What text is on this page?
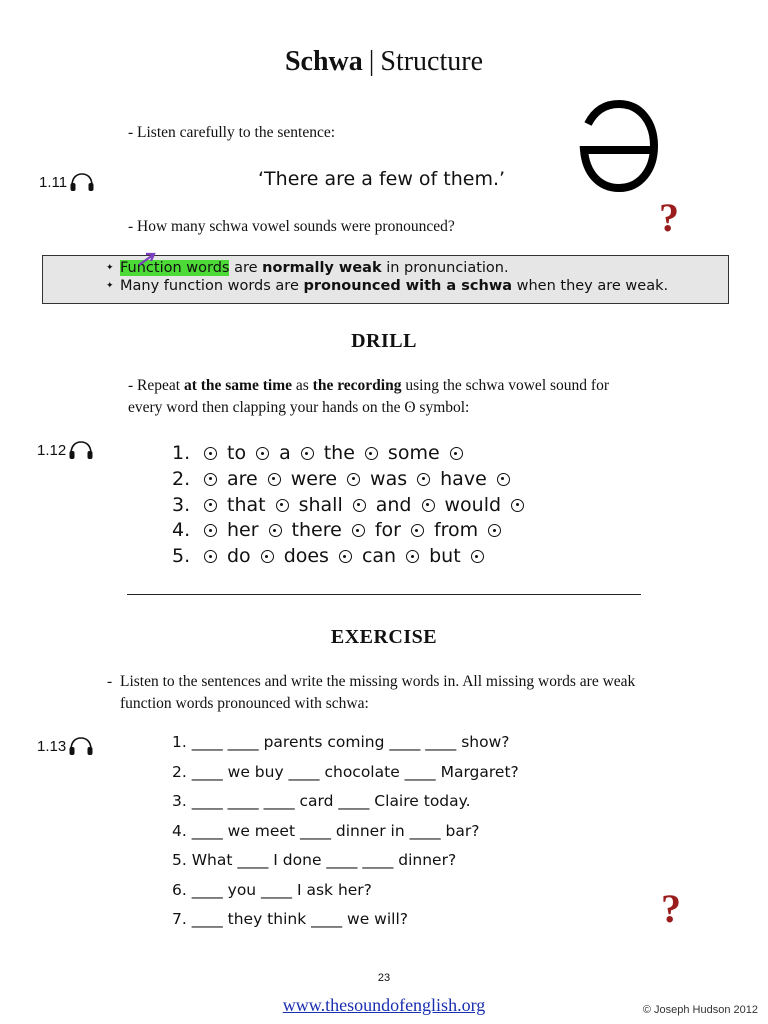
Schwa | Structure
- Listen carefully to the sentence:
1.11	‘There are a few of them.’
- How many schwa vowel sounds were pronounced?	?
✦ Function words are normally weak in pronunciation.
✦ Many function words are pronounced with a schwa when they are weak.
DRILL
- Repeat at the same time as the recording using the schwa vowel sound for
every word then clapping your hands on the ʘ symbol:
1.12	1. to a the some
2. are were was have
3. that shall and would
4. her there for from
5. do does can but
EXERCISE
- Listen to the sentences and write the missing words in. All missing words are weak
function words pronounced with schwa:
1.13	1. ____ ____ parents coming ____ ____ show?
2. ____ we buy ____ chocolate ____ Margaret?
3. ____ ____ ____ card ____ Claire today.
4. ____ we meet ____ dinner in ____ bar?
5. What ____ I done ____ ____ dinner?
6. ____ you ____ I ask her?
7. ____ they think ____ we will?	?
23
www.thesoundofenglish.org	© Joseph Hudson 2012
